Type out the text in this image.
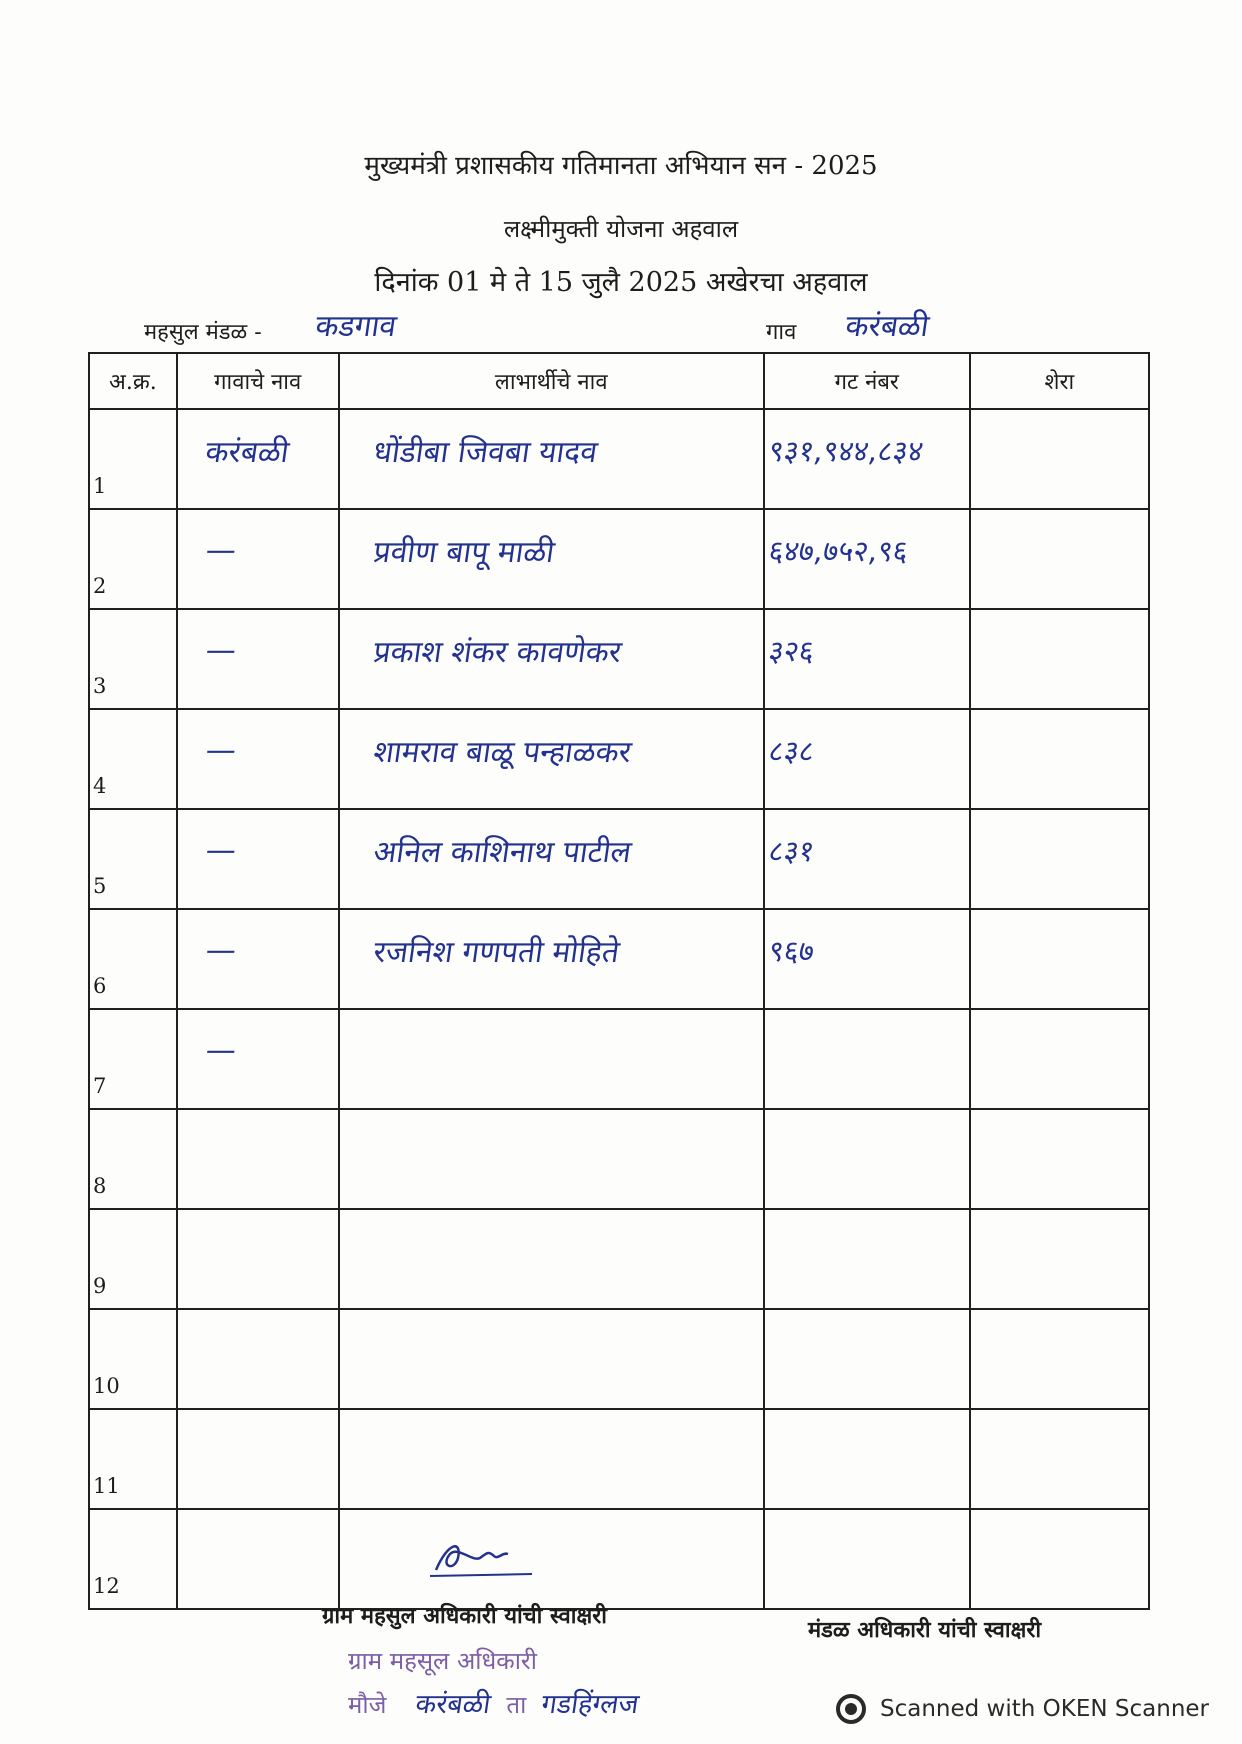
मुख्यमंत्री प्रशासकीय गतिमानता अभियान सन - 2025
लक्ष्मीमुक्ती योजना अहवाल
दिनांक 01 मे ते 15 जुलै 2025 अखेरचा अहवाल
महसुल मंडळ - कडगाव	गाव करंबळी
अ.क्र.	गावाचे नाव	लाभार्थीचे नाव	गट नंबर	शेरा
1	करंबळी	धोंडीबा जिवबा यादव	९३१,९४४,८३४	

2	—	प्रवीण बापू माळी	६४७,७५२,९६	

3	—	प्रकाश शंकर कावणेकर	३२६	

4	—	शामराव बाळू पन्हाळकर	८३८	

5	—	अनिल काशिनाथ पाटील	८३१	

6	—	रजनिश गणपती मोहिते	९६७	

7	—			

8	

9	

10	

11	

12	

ग्राम महसुल अधिकारी यांची स्वाक्षरी
मंडळ अधिकारी यांची स्वाक्षरी
ग्राम महसूल अधिकारी
मौजे करंबळी ता गडहिंग्लज	Scanned with OKEN Scanner
